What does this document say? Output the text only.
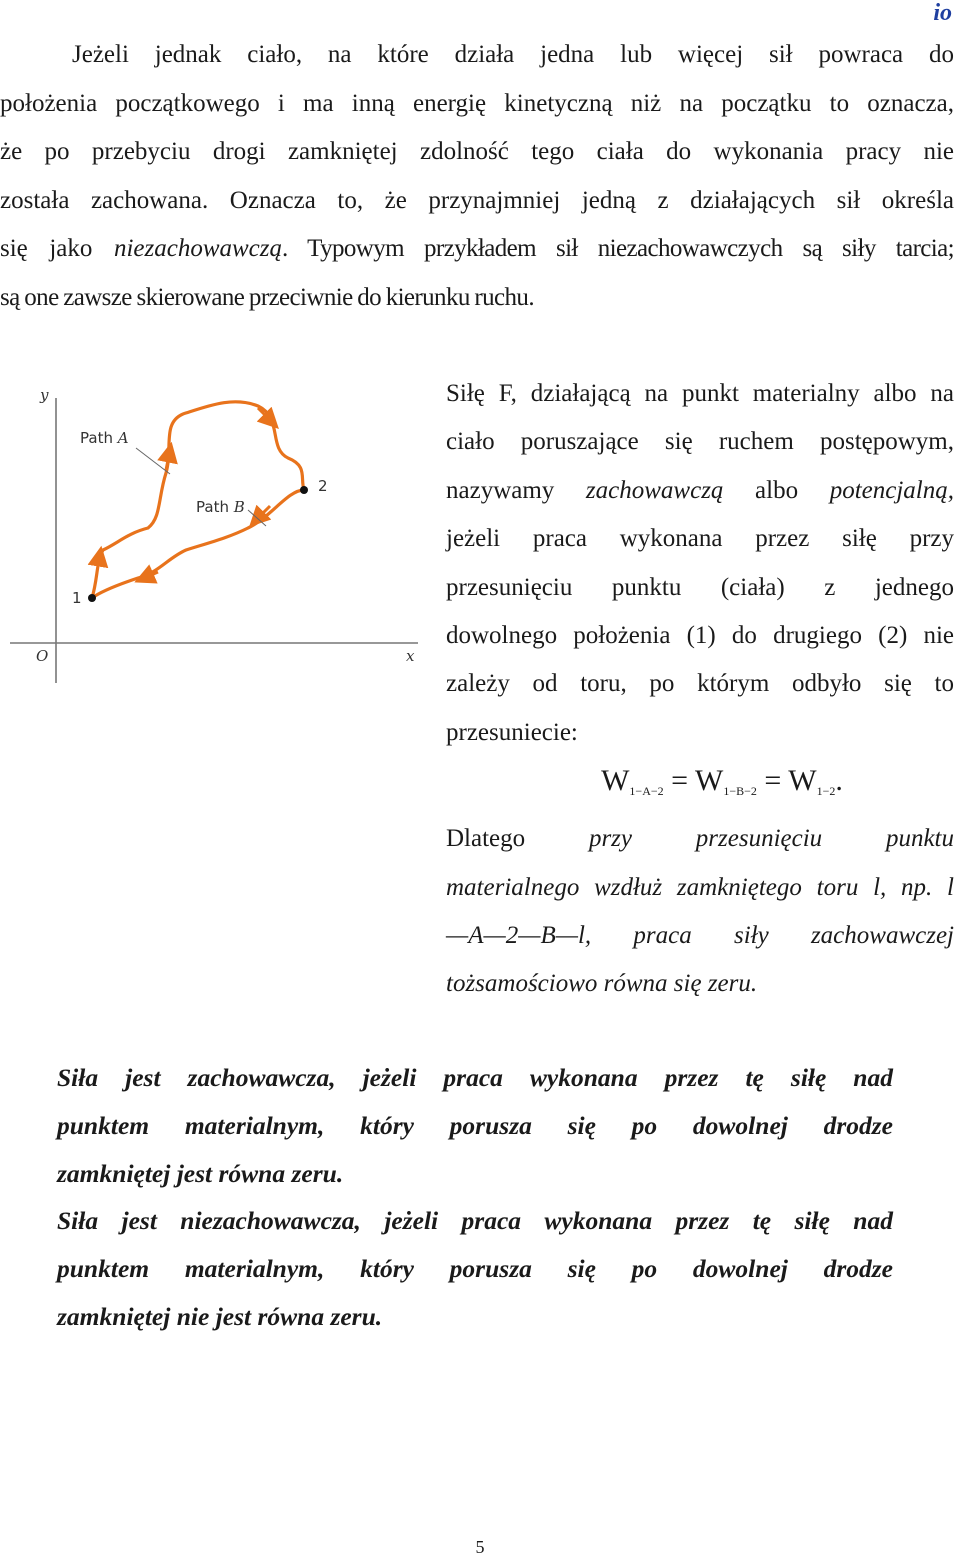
io

Jeżeli jednak ciało, na które działa jedna lub więcej sił powraca do

położenia początkowego i ma inną energię kinetyczną niż na początku to oznacza,

że po przebyciu drogi zamkniętej zdolność tego ciała do wykonania pracy nie

została zachowana. Oznacza to, że przynajmniej jedną z działających sił określa

się jako niezachowawczą. Typowym przykładem sił niezachowawczych są siły tarcia;

są one zawsze skierowane przeciwnie do kierunku ruchu.

y
x
O
1
2
Path A
Path B

Siłę F, działającą na punkt materialny albo na

ciało poruszające się ruchem postępowym,

nazywamy zachowawczą albo potencjalną,

jeżeli praca wykonana przez siłę przy

przesunięciu punktu (ciała) z jednego

dowolnego położenia (1) do drugiego (2) nie

zależy od toru, po którym odbyło się to

przesuniecie:

$W_{1-A-2} = W_{1-B-2} = W_{1-2}$.

Dlatego przy przesunięciu punktu

materialnego wzdłuż zamkniętego toru l, np. l

—A—2—B—l, praca siły zachowawczej

tożsamościowo równa się zeru.

Siła jest zachowawcza, jeżeli praca wykonana przez tę siłę nad

punktem materialnym, który porusza się po dowolnej drodze

zamkniętej jest równa zeru.

Siła jest niezachowawcza, jeżeli praca wykonana przez tę siłę nad

punktem materialnym, który porusza się po dowolnej drodze

zamkniętej nie jest równa zeru.

5
